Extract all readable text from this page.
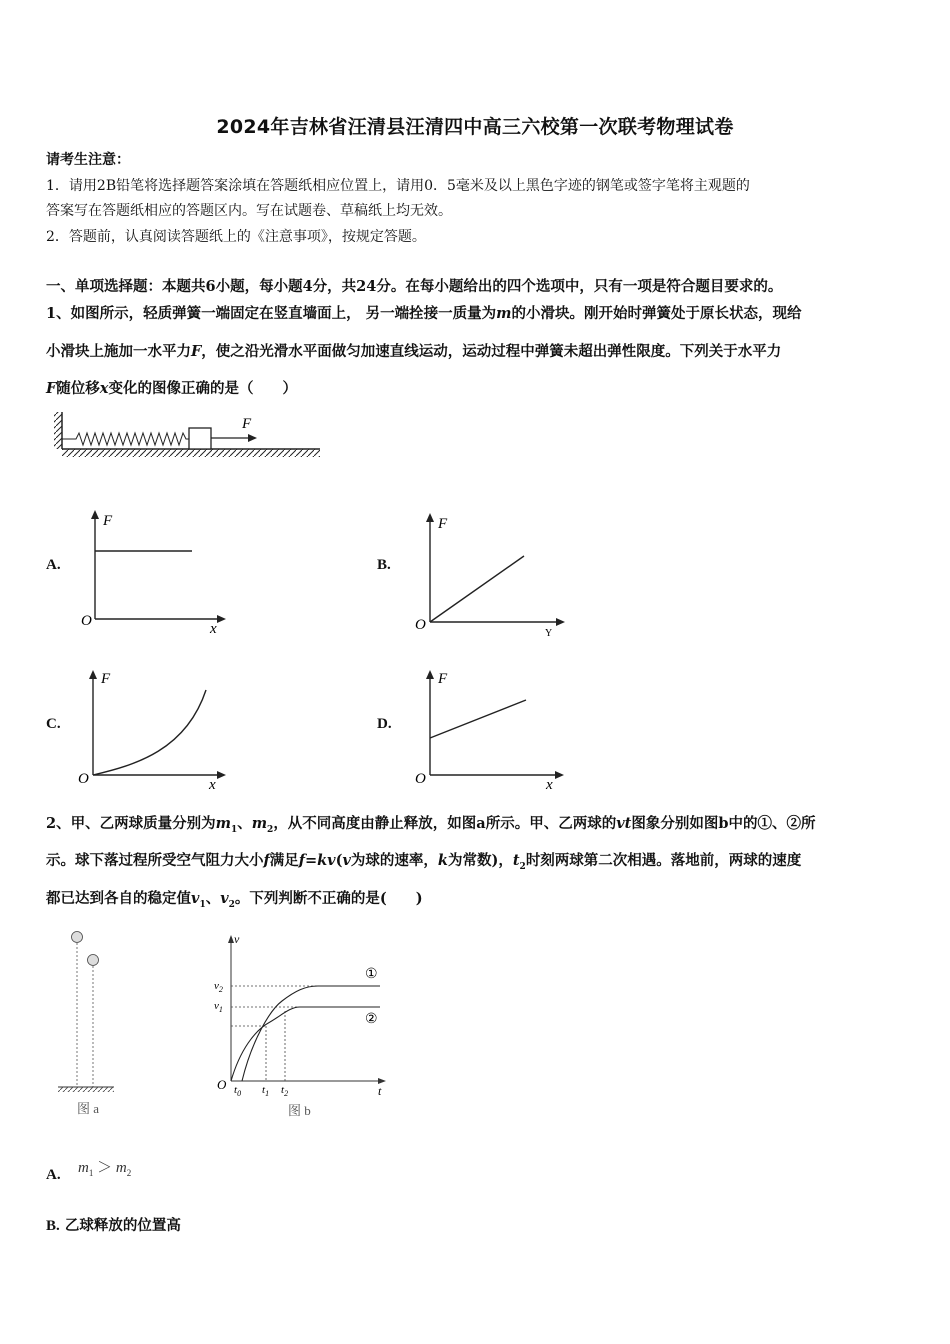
2024年吉林省汪清县汪清四中高三六校第一次联考物理试卷
请考生注意：
1．请用2B铅笔将选择题答案涂填在答题纸相应位置上，请用0．5毫米及以上黑色字迹的钢笔或签字笔将主观题的
答案写在答题纸相应的答题区内。写在试题卷、草稿纸上均无效。
2．答题前，认真阅读答题纸上的《注意事项》，按规定答题。
一、单项选择题：本题共6小题，每小题4分，共24分。在每小题给出的四个选项中，只有一项是符合题目要求的。
1、如图所示，轻质弹簧一端固定在竖直墙面上， 另一端拴接一质量为m的小滑块。刚开始时弹簧处于原长状态，现给
小滑块上施加一水平力F，使之沿光滑水平面做匀加速直线运动，运动过程中弹簧未超出弹性限度。下列关于水平力
F随位移x变化的图像正确的是（　　）
F
A.
F
x
O
B.
F
Y
O
C.
F
x
O
D.
F
x
O
2、甲、乙两球质量分别为$m_1$、$m_2$，从不同高度由静止释放，如图a所示。甲、乙两球的vt图象分别如图b中的①、②所
示。球下落过程所受空气阻力大小f满足f=kv(v为球的速率，k为常数)，$t_2$时刻两球第二次相遇。落地前，两球的速度
都已达到各自的稳定值$v_1$、$v_2$。下列判断不正确的是(　　)
图 a
v
t
O
$v_2$
$v_1$
$t_0$ $t_1$ $t_2$
①
②
图 b
A. $m_1 > m_2$
B. 乙球释放的位置高
